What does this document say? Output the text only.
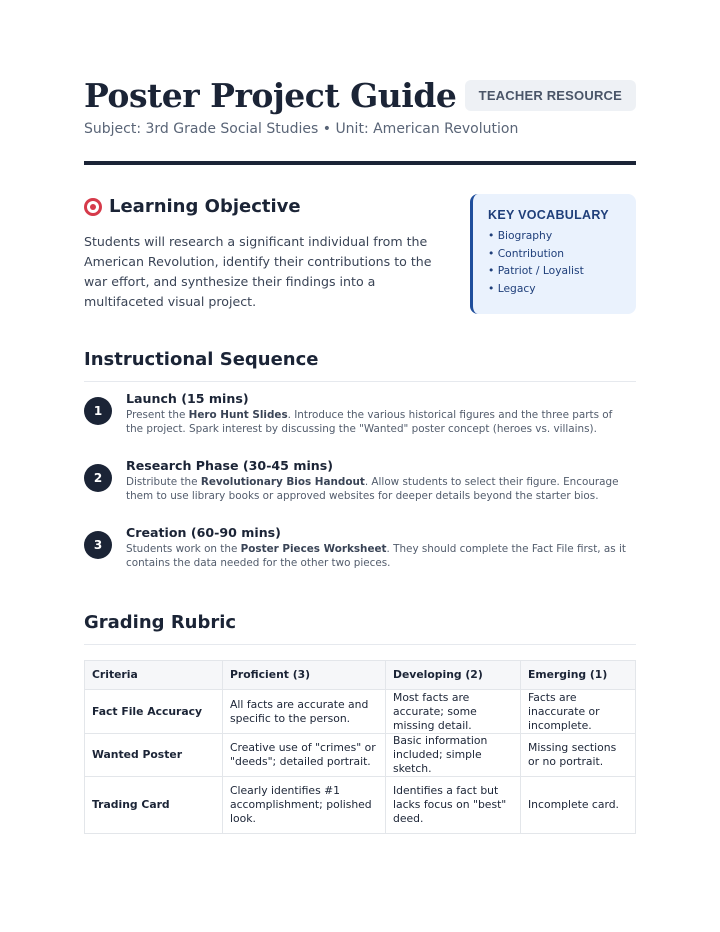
Poster Project Guide	TEACHER RESOURCE
Subject: 3rd Grade Social Studies • Unit: American Revolution
Learning Objective

Students will research a significant individual from the American Revolution, identify their contributions to the war effort, and synthesize their findings into a multifaceted visual project.

KEY VOCABULARY
• Biography
• Contribution
• Patriot / Loyalist
• Legacy
Instructional Sequence
1
Launch (15 mins)

Present the Hero Hunt Slides. Introduce the various historical figures and the three parts of the project. Spark interest by discussing the "Wanted" poster concept (heroes vs. villains).

2
Research Phase (30-45 mins)

Distribute the Revolutionary Bios Handout. Allow students to select their figure. Encourage them to use library books or approved websites for deeper details beyond the starter bios.

3
Creation (60-90 mins)

Students work on the Poster Pieces Worksheet. They should complete the Fact File first, as it contains the data needed for the other two pieces.

Grading Rubric
Criteria	Proficient (3)	Developing (2)	Emerging (1)
Fact File Accuracy	All facts are accurate and specific to the person.	Most facts are accurate; some missing detail.	Facts are inaccurate or incomplete.
Wanted Poster	Creative use of "crimes" or "deeds"; detailed portrait.	Basic information included; simple sketch.	Missing sections or no portrait.
Trading Card	Clearly identifies #1 accomplishment; polished look.	Identifies a fact but lacks focus on "best" deed.	Incomplete card.
